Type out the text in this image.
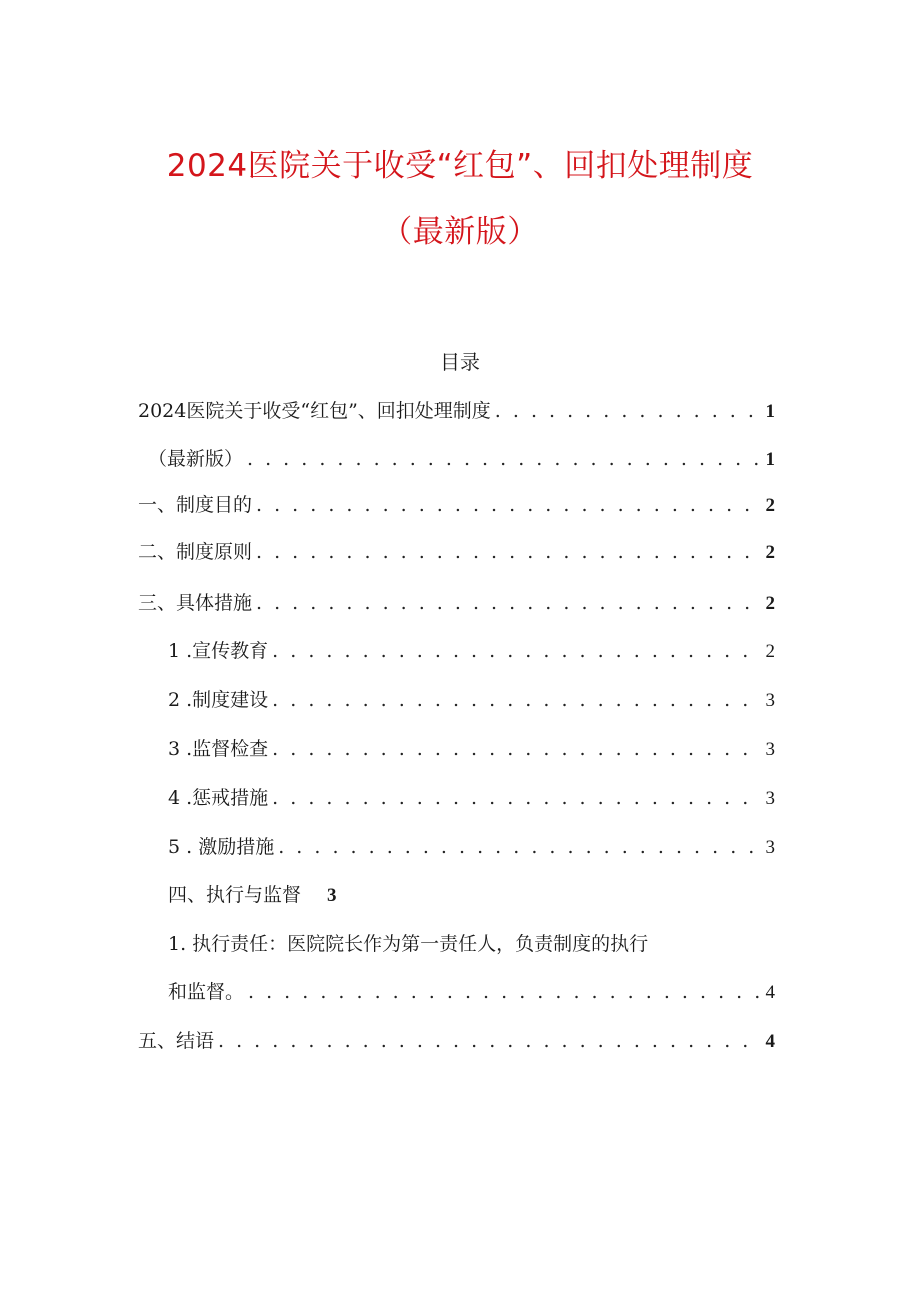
2024医院关于收受“红包”、回扣处理制度
（最新版）
目录
2024医院关于收受“红包”、回扣处理制度 . . .	1
（最新版） . . .	1
一、制度目的 . . .	2
二、制度原则 . . .	2
三、具体措施 . . .	2
1 .宣传教育 . . .	2
2 .制度建设 . . .	3
3 .监督检查 . . .	3
4 .惩戒措施 . . .	3
5 . 激励措施 . . .	3
四、执行与监督 3
1. 执行责任：医院院长作为第一责任人，负责制度的执行
和监督。 . . .	4
五、结语 . . .	4
